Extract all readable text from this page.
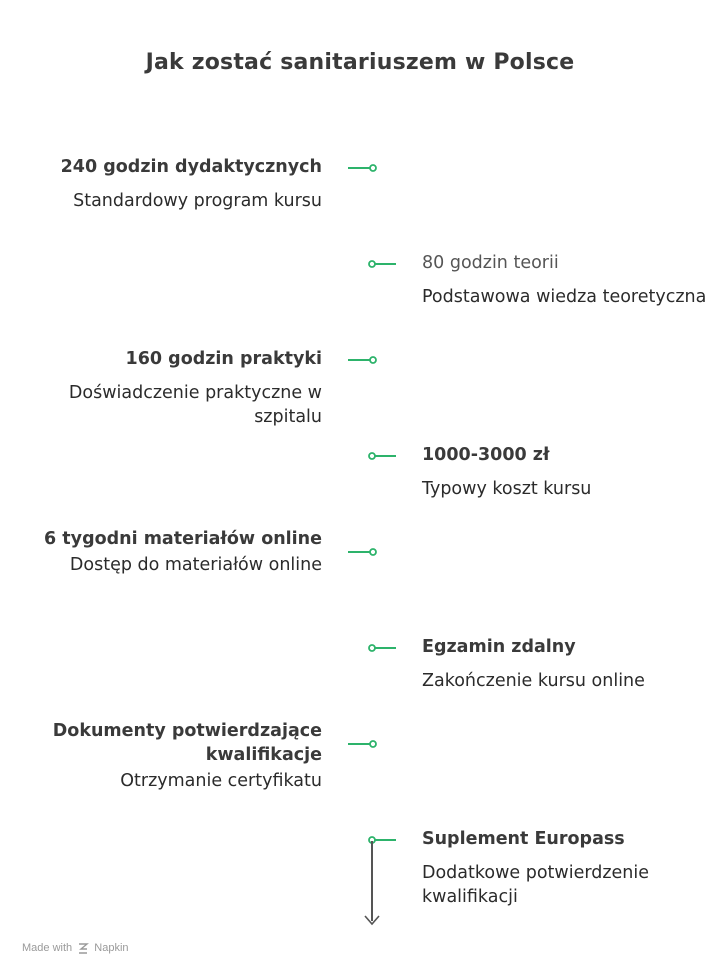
Jak zostać sanitariuszem w Polsce
240 godzin dydaktycznych
Standardowy program kursu
80 godzin teorii
Podstawowa wiedza teoretyczna
160 godzin praktyki
Doświadczenie praktyczne w szpitalu
1000-3000 zł
Typowy koszt kursu
6 tygodni materiałów online
Dostęp do materiałów online
Egzamin zdalny
Zakończenie kursu online
Dokumenty potwierdzające kwalifikacje
Otrzymanie certyfikatu
Suplement Europass
Dodatkowe potwierdzenie kwalifikacji
Made with Napkin
